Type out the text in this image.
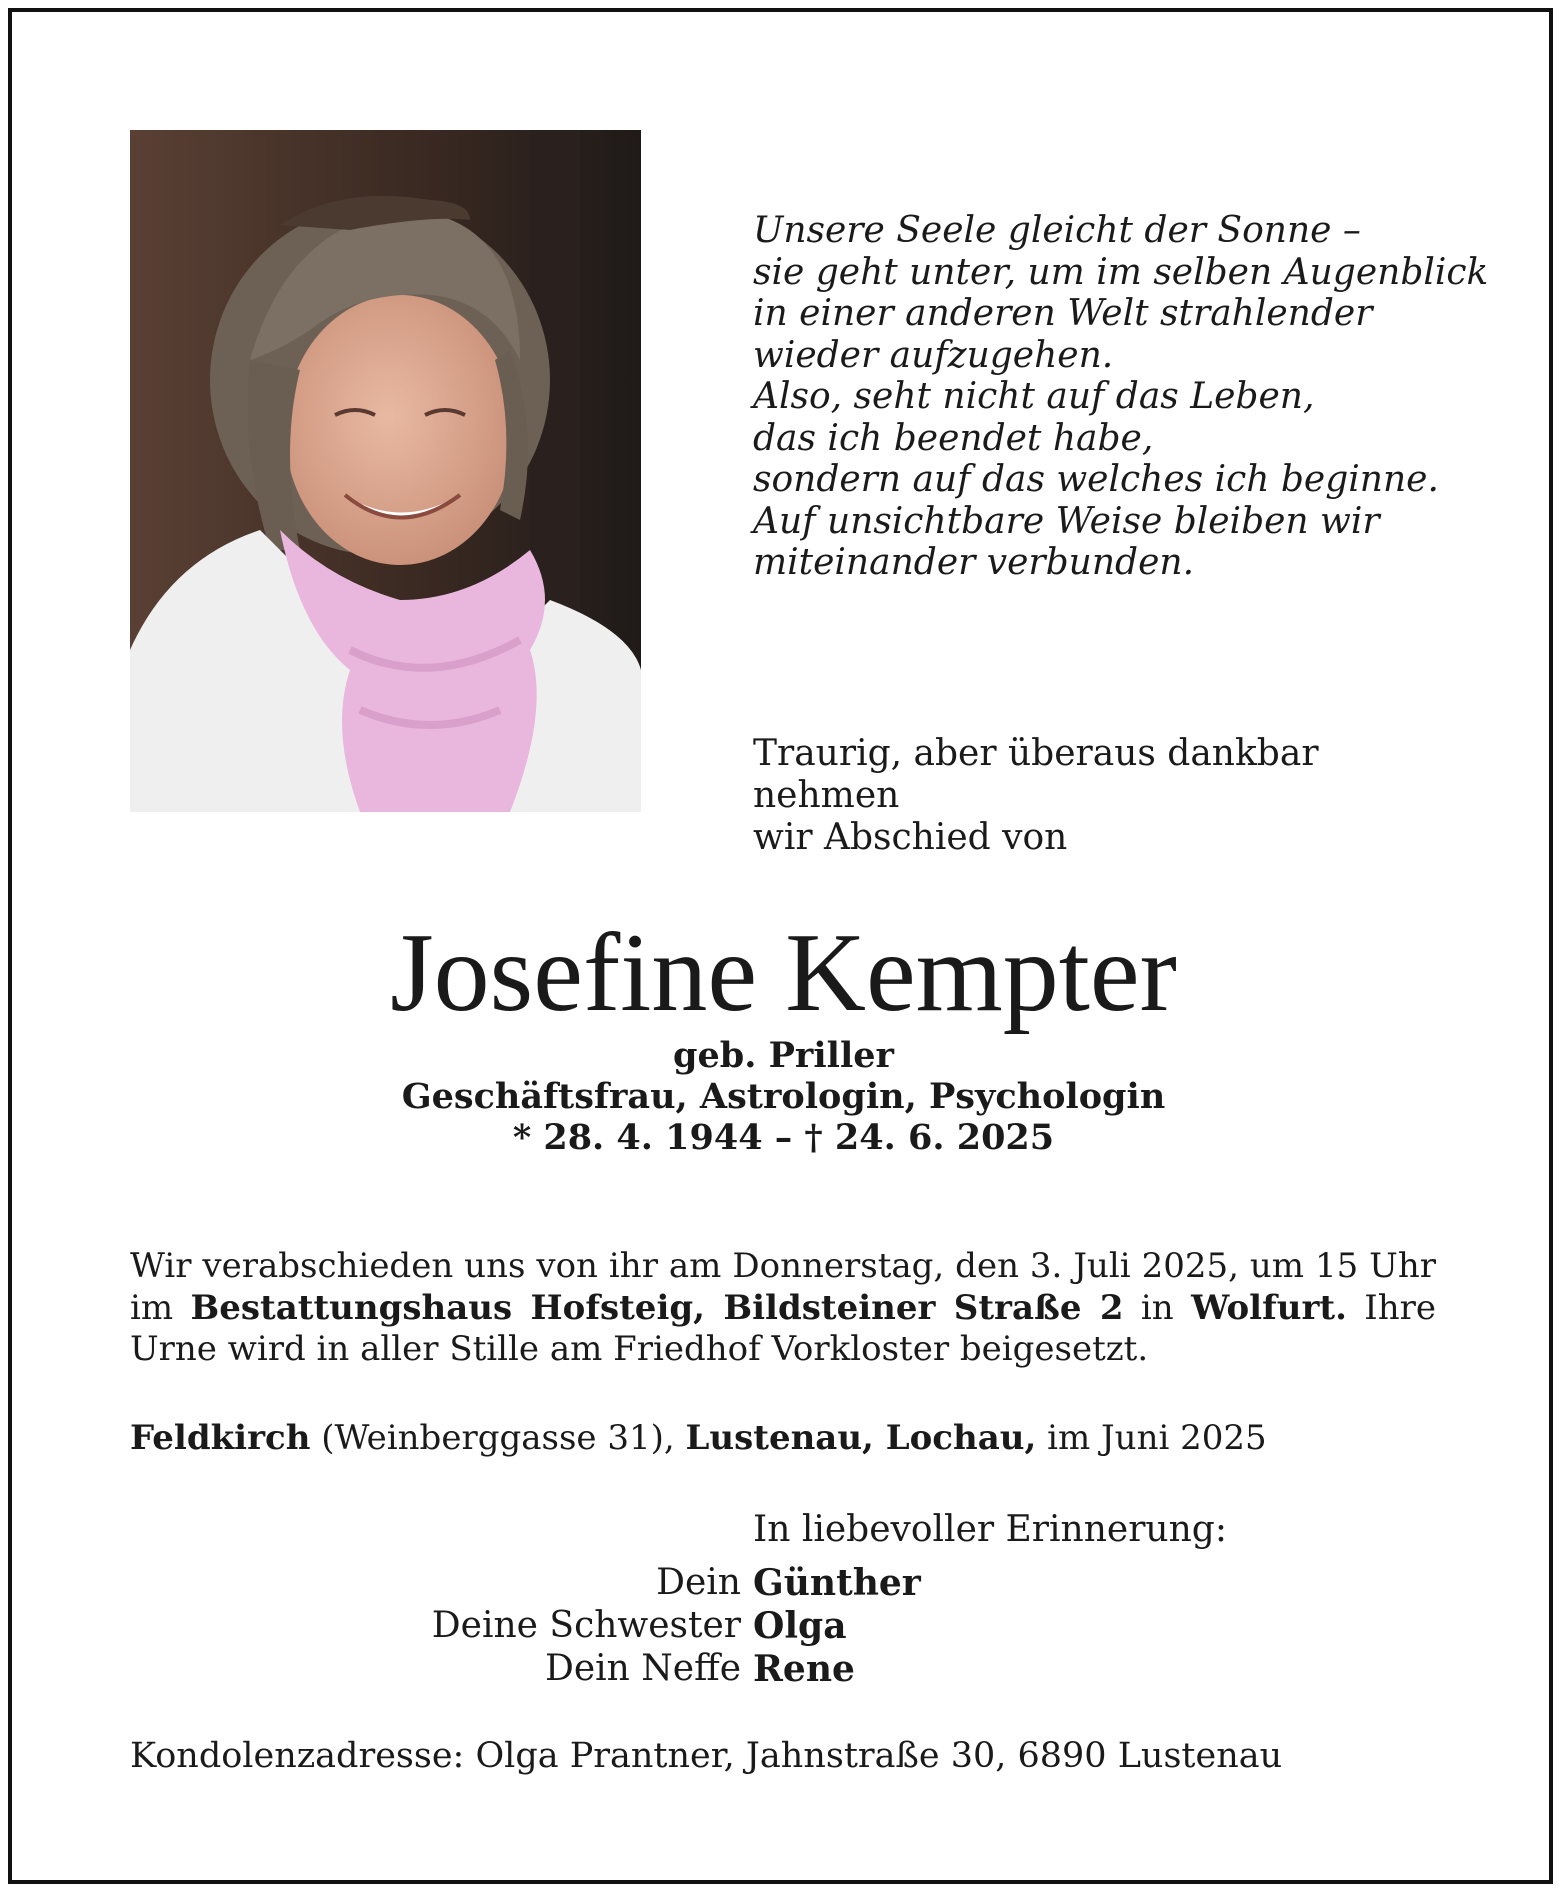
Unsere Seele gleicht der Sonne –
sie geht unter, um im selben Augenblick
in einer anderen Welt strahlender
wieder aufzugehen.
Also, seht nicht auf das Leben,
das ich beendet habe,
sondern auf das welches ich beginne.
Auf unsichtbare Weise bleiben wir
miteinander verbunden.
Traurig, aber überaus dankbar nehmen
wir Abschied von
Josefine Kempter
geb. Priller
Geschäftsfrau, Astrologin, Psychologin
* 28. 4. 1944 – † 24. 6. 2025
Wir verabschieden uns von ihr am Donnerstag, den 3. Juli 2025, um 15 Uhr im Bestattungshaus Hofsteig, Bildsteiner Straße 2 in Wolfurt. Ihre Urne wird in aller Stille am Friedhof Vorkloster beigesetzt.
Feldkirch (Weinberggasse 31), Lustenau, Lochau, im Juni 2025
In liebevoller Erinnerung:
Dein Günther
Deine Schwester Olga
Dein Neffe Rene
Kondolenzadresse: Olga Prantner, Jahnstraße 30, 6890 Lustenau
